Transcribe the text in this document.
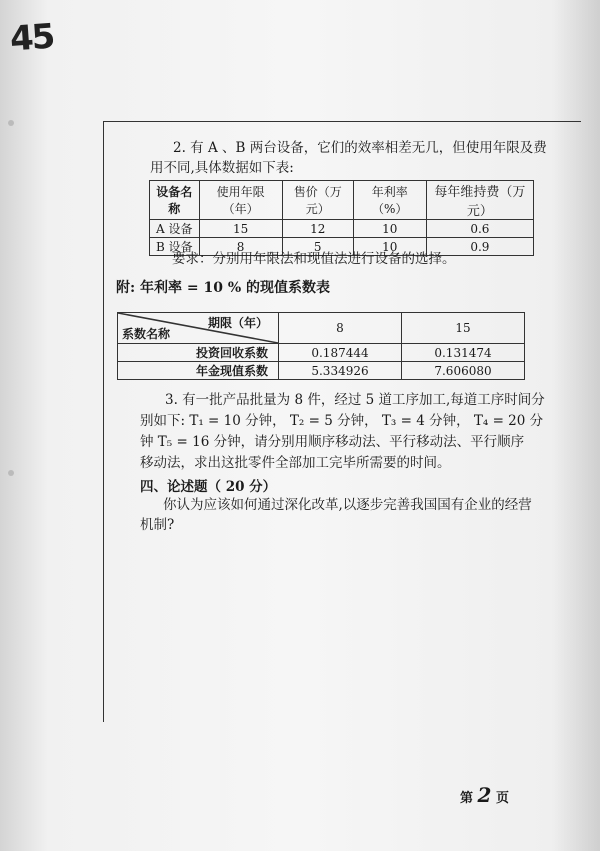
45
2. 有 A 、B 两台设备，它们的效率相差无几，但使用年限及费
用不同,具体数据如下表:
设备名称	使用年限（年）	售价（万元）	年利率（%）	每年维持费（万元）
A 设备	15	12	10	0.6
B 设备	8	5	10	0.9
要求：分别用年限法和现值法进行设备的选择。
附: 年利率 = 10 % 的现值系数表
期限（年）
系数名称	8	15
投资回收系数	0.187444	0.131474
年金现值系数	5.334926	7.606080
3. 有一批产品批量为 8 件，经过 5 道工序加工,每道工序时间分
别如下: T₁ = 10 分钟， T₂ = 5 分钟， T₃ = 4 分钟， T₄ = 20 分
钟 T₅ = 16 分钟，请分别用顺序移动法、平行移动法、平行顺序
移动法，求出这批零件全部加工完毕所需要的时间。
四、论述题（ 20 分）
你认为应该如何通过深化改革,以逐步完善我国国有企业的经营
机制?
第 2 页
